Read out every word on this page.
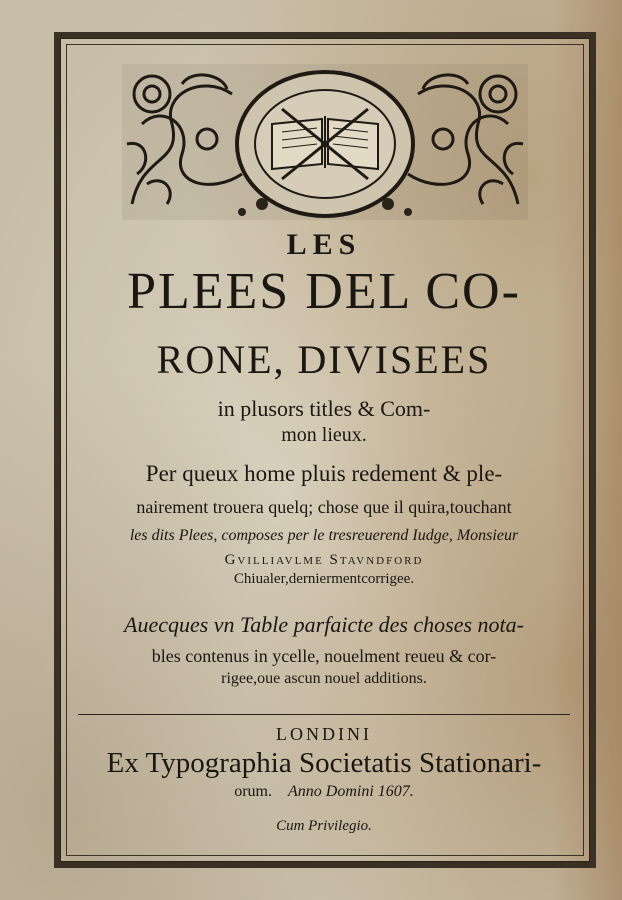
LES
PLEES DEL CO-
RONE, DIVISEES
in plusors titles & Com-
mon lieux.
Per queux home pluis redement & ple-
nairement trouera quelq; chose que il quira,touchant
les dits Plees, composes per le tresreuerend Iudge, Monsieur
Gvilliavlme Stavndford
Chiualer,derniermentcorrigee.
Auecques vn Table parfaicte des choses nota-
bles contenus in ycelle, nouelment reueu & cor-
rigee,oue ascun nouel additions.
LONDINI
Ex Typographia Societatis Stationari-
orum. Anno Domini 1607.
Cum Privilegio.
